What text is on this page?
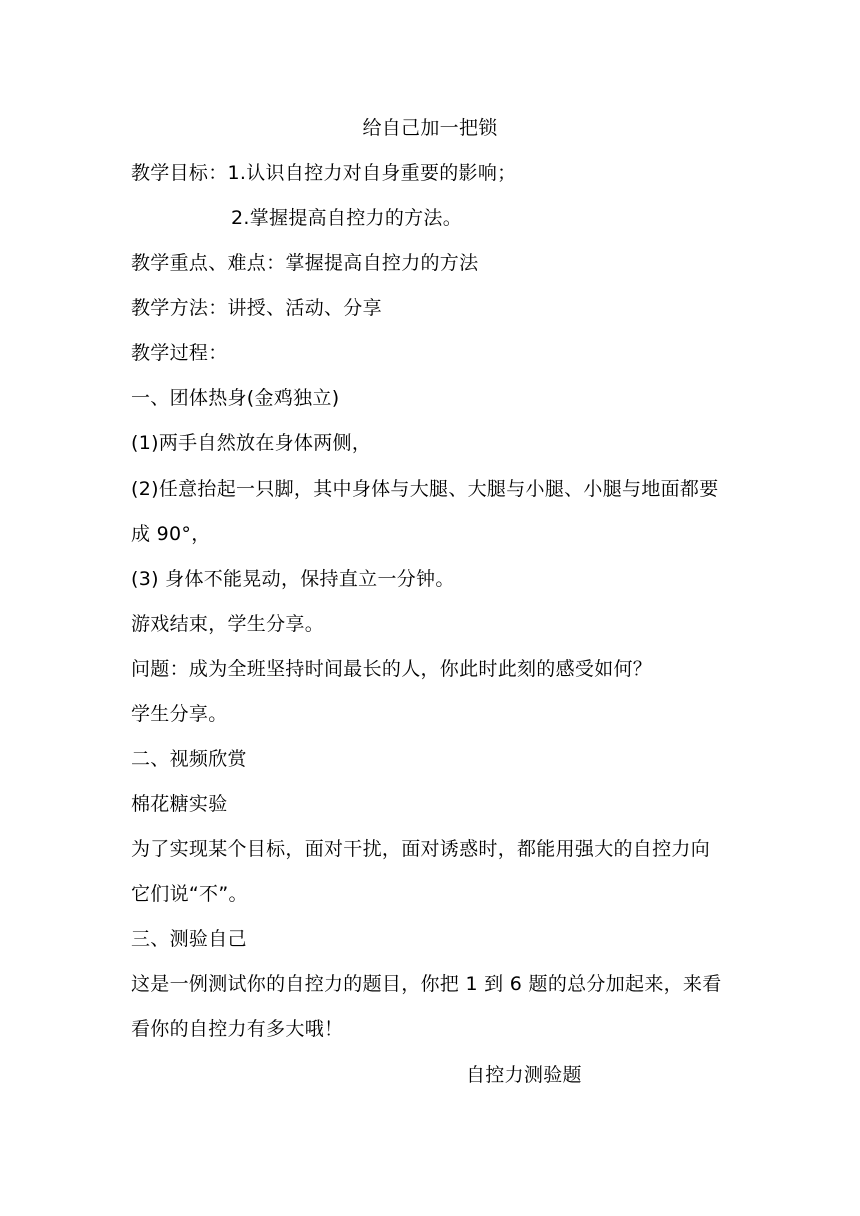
给自己加一把锁
教学目标：1.认识自控力对自身重要的影响；
2.掌握提高自控力的方法。
教学重点、难点：掌握提高自控力的方法
教学方法：讲授、活动、分享
教学过程：
一、团体热身(金鸡独立)
(1)两手自然放在身体两侧，
(2)任意抬起一只脚，其中身体与大腿、大腿与小腿、小腿与地面都要
成 90°，
(3) 身体不能晃动，保持直立一分钟。
游戏结束，学生分享。
问题：成为全班坚持时间最长的人，你此时此刻的感受如何？
学生分享。
二、视频欣赏
棉花糖实验
为了实现某个目标，面对干扰，面对诱惑时，都能用强大的自控力向
它们说“不”。
三、测验自己
这是一例测试你的自控力的题目，你把 1 到 6 题的总分加起来，来看
看你的自控力有多大哦！
自控力测验题
